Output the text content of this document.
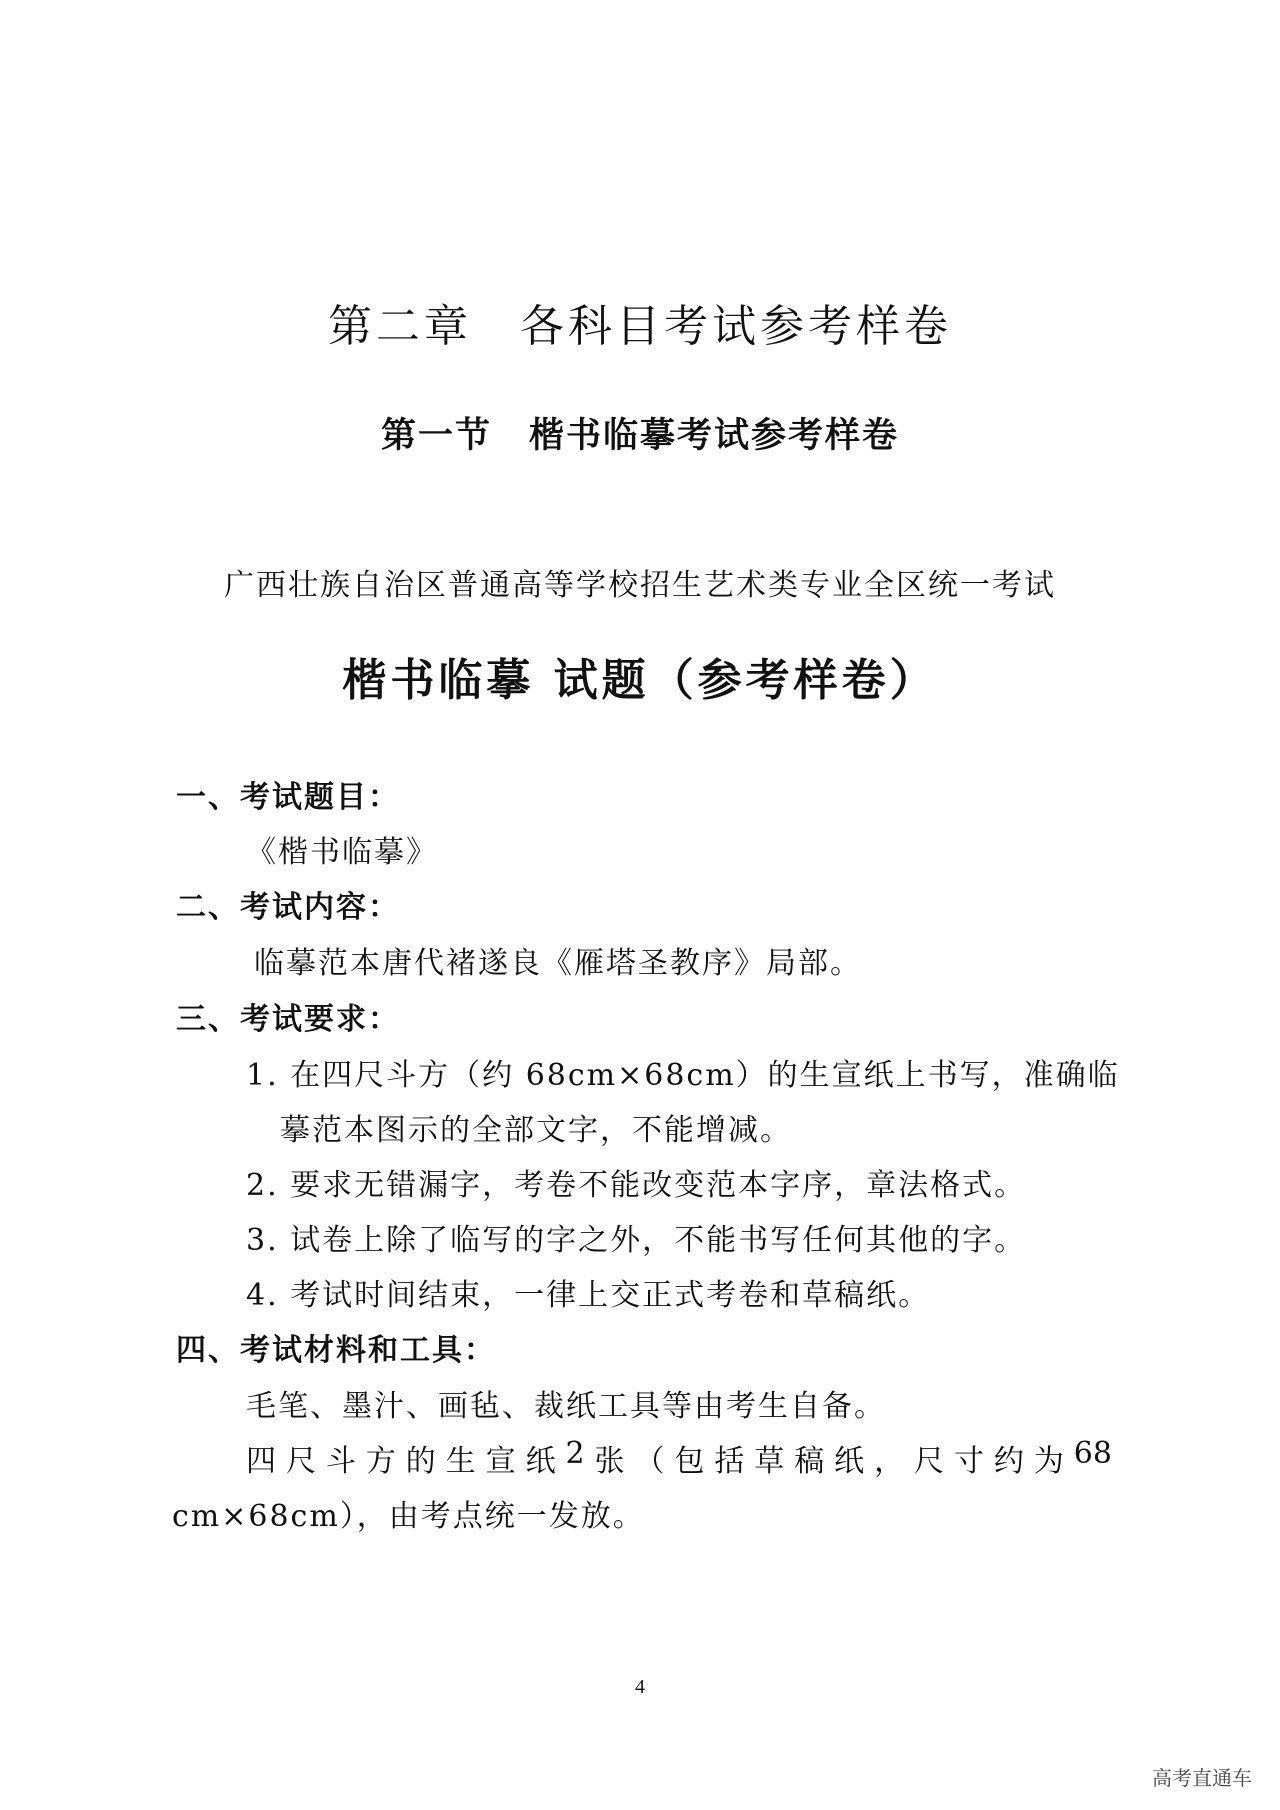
第二章　各科目考试参考样卷
第一节　楷书临摹考试参考样卷
广西壮族自治区普通高等学校招生艺术类专业全区统一考试
楷书临摹 试题（参考样卷）
一、考试题目：
《楷书临摹》
二、考试内容：
临摹范本唐代褚遂良《雁塔圣教序》局部。
三、考试要求：
1. 在四尺斗方（约 68cm×68cm）的生宣纸上书写，准确临
摹范本图示的全部文字，不能增减。
2. 要求无错漏字，考卷不能改变范本字序，章法格式。
3. 试卷上除了临写的字之外，不能书写任何其他的字。
4. 考试时间结束，一律上交正式考卷和草稿纸。
四、考试材料和工具：
毛笔、墨汁、画毡、裁纸工具等由考生自备。
四 尺 斗 方 的 生 宣 纸 2 张 （ 包 括 草 稿 纸 ， 尺 寸 约 为 68
cm×68cm），由考点统一发放。
4
高考直通车
